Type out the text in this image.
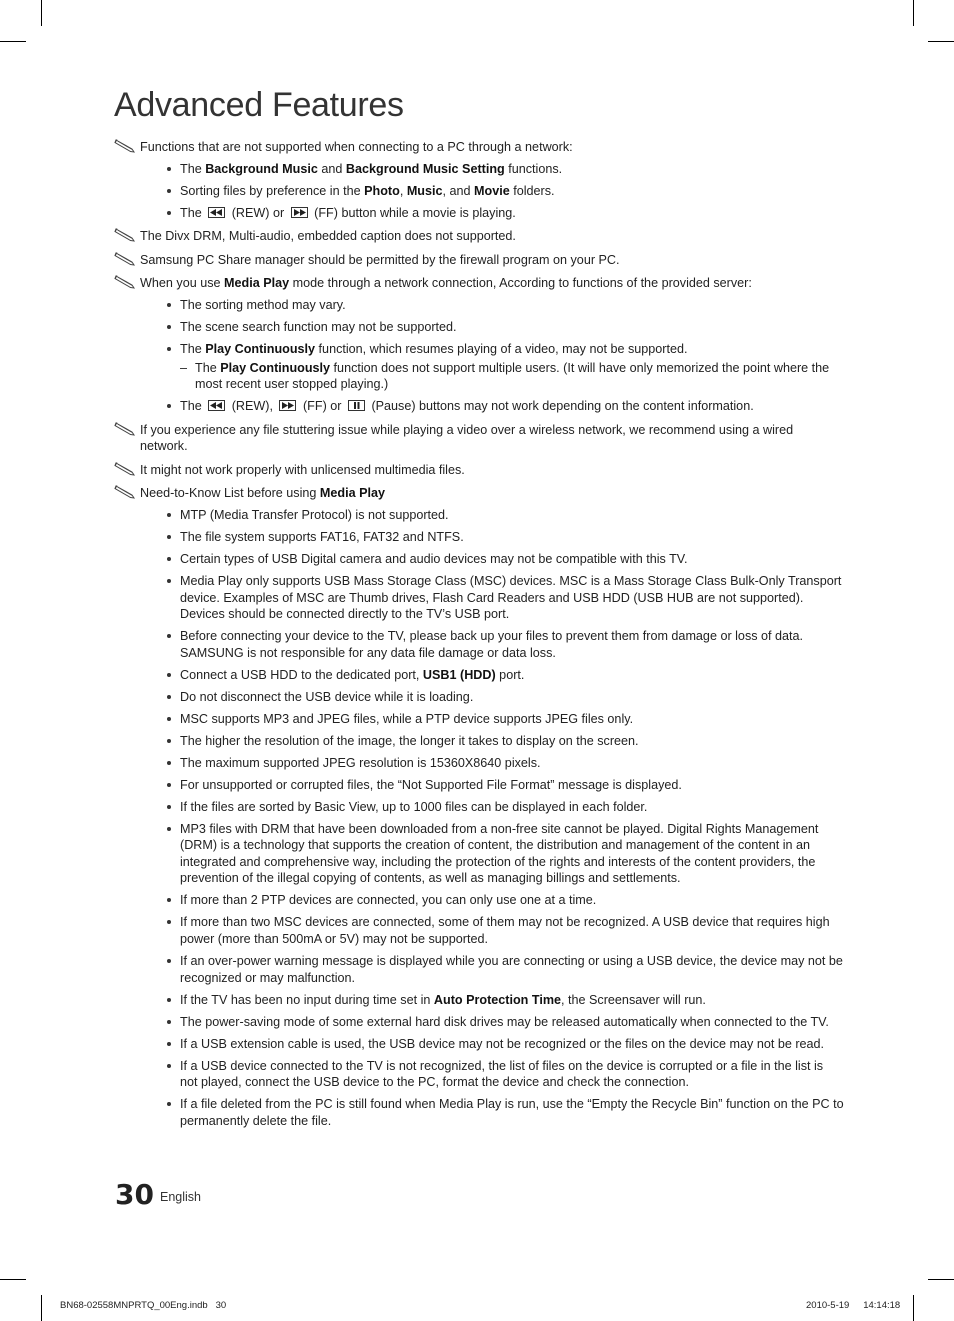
Advanced Features
Functions that are not supported when connecting to a PC through a network:
The Background Music and Background Music Setting functions.
Sorting files by preference in the Photo, Music, and Movie folders.
The
(REW) or
(FF) button while a movie is playing.
The Divx DRM, Multi-audio, embedded caption does not supported.
Samsung PC Share manager should be permitted by the firewall program on your PC.
When you use Media Play mode through a network connection, According to functions of the provided server:
The sorting method may vary.
The scene search function may not be supported.
The Play Continuously function, which resumes playing of a video, may not be supported.
– The Play Continuously function does not support multiple users. (It will have only memorized the point where the most recent user stopped playing.)
The
(REW),
(FF) or
(Pause) buttons may not work depending on the content information.
If you experience any file stuttering issue while playing a video over a wireless network, we recommend using a wired network.
It might not work properly with unlicensed multimedia files.
Need-to-Know List before using Media Play
MTP (Media Transfer Protocol) is not supported.
The file system supports FAT16, FAT32 and NTFS.
Certain types of USB Digital camera and audio devices may not be compatible with this TV.
Media Play only supports USB Mass Storage Class (MSC) devices. MSC is a Mass Storage Class Bulk-Only Transport device. Examples of MSC are Thumb drives, Flash Card Readers and USB HDD (USB HUB are not supported). Devices should be connected directly to the TV’s USB port.
Before connecting your device to the TV, please back up your files to prevent them from damage or loss of data. SAMSUNG is not responsible for any data file damage or data loss.
Connect a USB HDD to the dedicated port, USB1 (HDD) port.
Do not disconnect the USB device while it is loading.
MSC supports MP3 and JPEG files, while a PTP device supports JPEG files only.
The higher the resolution of the image, the longer it takes to display on the screen.
The maximum supported JPEG resolution is 15360X8640 pixels.
For unsupported or corrupted files, the “Not Supported File Format” message is displayed.
If the files are sorted by Basic View, up to 1000 files can be displayed in each folder.
MP3 files with DRM that have been downloaded from a non-free site cannot be played. Digital Rights Management (DRM) is a technology that supports the creation of content, the distribution and management of the content in an integrated and comprehensive way, including the protection of the rights and interests of the content providers, the prevention of the illegal copying of contents, as well as managing billings and settlements.
If more than 2 PTP devices are connected, you can only use one at a time.
If more than two MSC devices are connected, some of them may not be recognized. A USB device that requires high power (more than 500mA or 5V) may not be supported.
If an over-power warning message is displayed while you are connecting or using a USB device, the device may not be recognized or may malfunction.
If the TV has been no input during time set in Auto Protection Time, the Screensaver will run.
The power-saving mode of some external hard disk drives may be released automatically when connected to the TV.
If a USB extension cable is used, the USB device may not be recognized or the files on the device may not be read.
If a USB device connected to the TV is not recognized, the list of files on the device is corrupted or a file in the list is not played, connect the USB device to the PC, format the device and check the connection.
If a file deleted from the PC is still found when Media Play is run, use the “Empty the Recycle Bin” function on the PC to permanently delete the file.
30 English
BN68-02558MNPRTQ_00Eng.indb   30	2010-5-19   14:14:18
